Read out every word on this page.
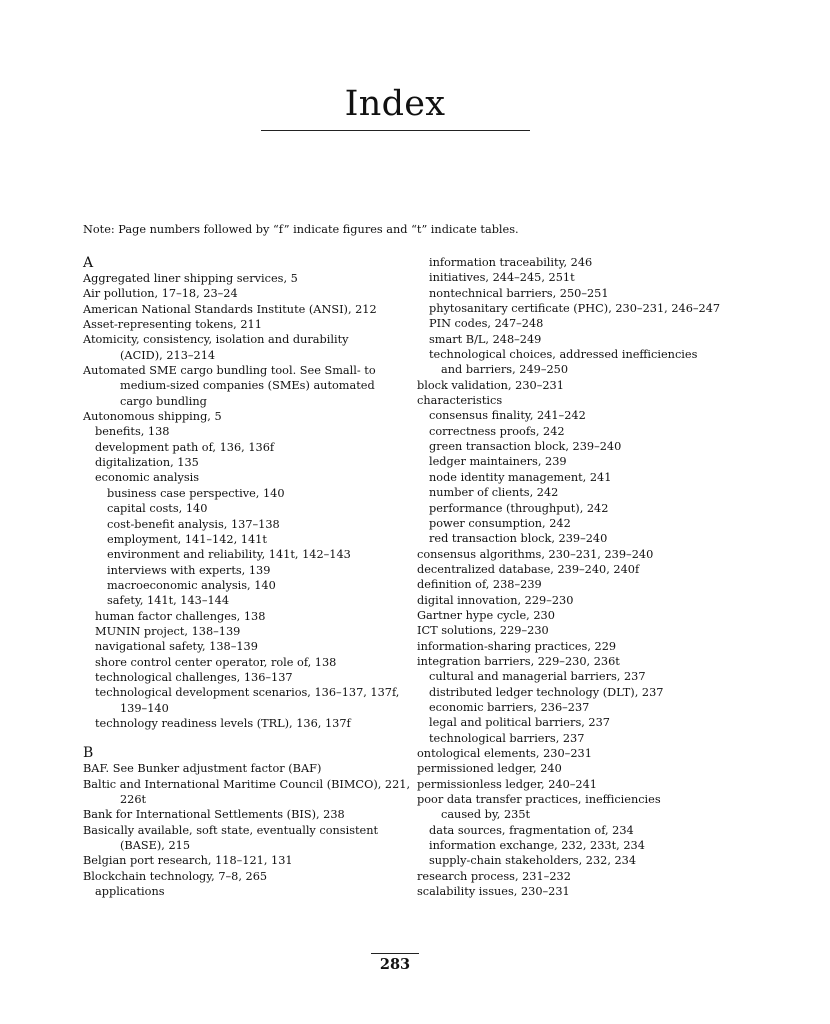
Index
Note: Page numbers followed by “f” indicate figures and “t” indicate tables.
A
Aggregated liner shipping services, 5
Air pollution, 17–18, 23–24
American National Standards Institute (ANSI), 212
Asset-representing tokens, 211
Atomicity, consistency, isolation and durability
(ACID), 213–214
Automated SME cargo bundling tool. See Small- to
medium-sized companies (SMEs) automated
cargo bundling
Autonomous shipping, 5
benefits, 138
development path of, 136, 136f
digitalization, 135
economic analysis
business case perspective, 140
capital costs, 140
cost-benefit analysis, 137–138
employment, 141–142, 141t
environment and reliability, 141t, 142–143
interviews with experts, 139
macroeconomic analysis, 140
safety, 141t, 143–144
human factor challenges, 138
MUNIN project, 138–139
navigational safety, 138–139
shore control center operator, role of, 138
technological challenges, 136–137
technological development scenarios, 136–137, 137f,
139–140
technology readiness levels (TRL), 136, 137f
B
BAF. See Bunker adjustment factor (BAF)
Baltic and International Maritime Council (BIMCO), 221,
226t
Bank for International Settlements (BIS), 238
Basically available, soft state, eventually consistent
(BASE), 215
Belgian port research, 118–121, 131
Blockchain technology, 7–8, 265
applications
information traceability, 246
initiatives, 244–245, 251t
nontechnical barriers, 250–251
phytosanitary certificate (PHC), 230–231, 246–247
PIN codes, 247–248
smart B/L, 248–249
technological choices, addressed inefficiencies
and barriers, 249–250
block validation, 230–231
characteristics
consensus finality, 241–242
correctness proofs, 242
green transaction block, 239–240
ledger maintainers, 239
node identity management, 241
number of clients, 242
performance (throughput), 242
power consumption, 242
red transaction block, 239–240
consensus algorithms, 230–231, 239–240
decentralized database, 239–240, 240f
definition of, 238–239
digital innovation, 229–230
Gartner hype cycle, 230
ICT solutions, 229–230
information-sharing practices, 229
integration barriers, 229–230, 236t
cultural and managerial barriers, 237
distributed ledger technology (DLT), 237
economic barriers, 236–237
legal and political barriers, 237
technological barriers, 237
ontological elements, 230–231
permissioned ledger, 240
permissionless ledger, 240–241
poor data transfer practices, inefficiencies
caused by, 235t
data sources, fragmentation of, 234
information exchange, 232, 233t, 234
supply-chain stakeholders, 232, 234
research process, 231–232
scalability issues, 230–231
283
